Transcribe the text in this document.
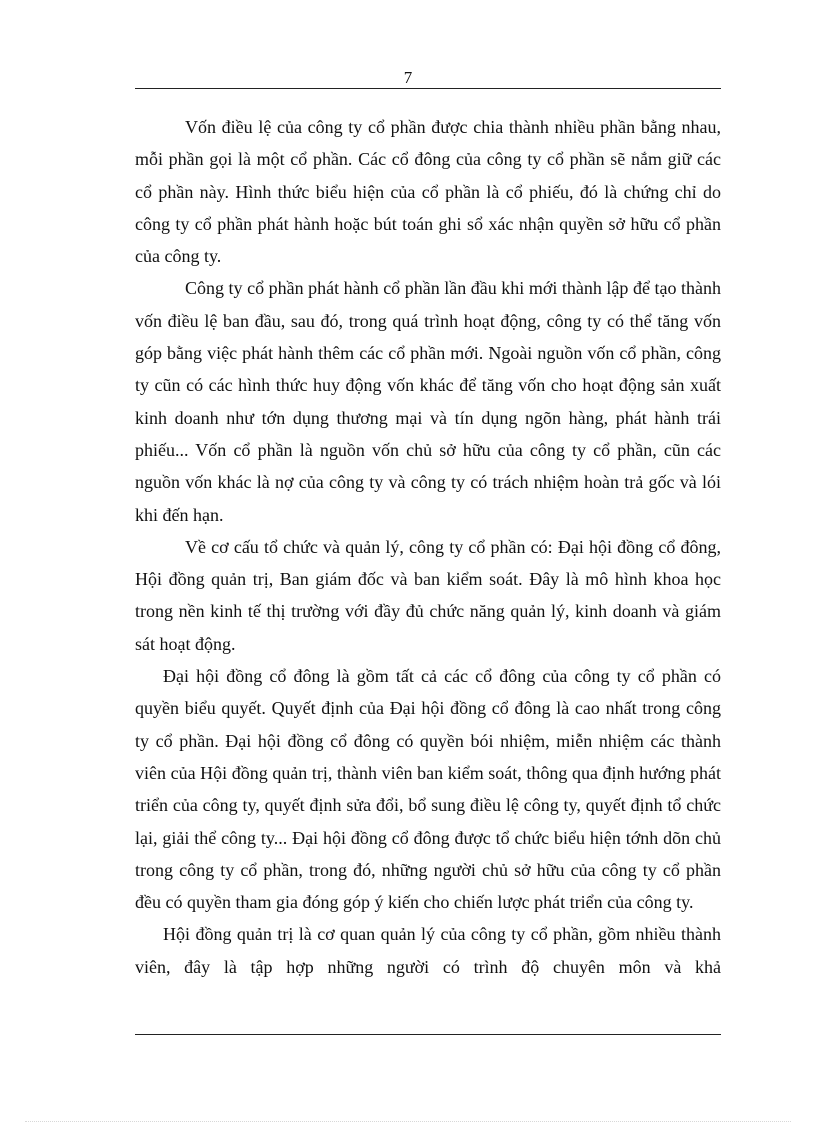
7

Vốn điều lệ của công ty cổ phần được chia thành nhiều phần bằng nhau, mỗi phần gọi là một cổ phần. Các cổ đông của công ty cổ phần sẽ nắm giữ các cổ phần này. Hình thức biểu hiện của cổ phần là cổ phiếu, đó là chứng chỉ do công ty cổ phần phát hành hoặc bút toán ghi sổ xác nhận quyền sở hữu cổ phần của công ty.

Công ty cổ phần phát hành cổ phần lần đầu khi mới thành lập để tạo thành vốn điều lệ ban đầu, sau đó, trong quá trình hoạt động, công ty có thể tăng vốn góp bằng việc phát hành thêm các cổ phần mới. Ngoài nguồn vốn cổ phần, công ty cũn có các hình thức huy động vốn khác để tăng vốn cho hoạt động sản xuất kinh doanh như tớn dụng thương mại và tín dụng ngõn hàng, phát hành trái phiếu... Vốn cổ phần là nguồn vốn chủ sở hữu của công ty cổ phần, cũn các nguồn vốn khác là nợ của công ty và công ty có trách nhiệm hoàn trả gốc và lói khi đến hạn.

Về cơ cấu tổ chức và quản lý, công ty cổ phần có: Đại hội đồng cổ đông, Hội đồng quản trị, Ban giám đốc và ban kiểm soát. Đây là mô hình khoa học trong nền kinh tế thị trường với đầy đủ chức năng quản lý, kinh doanh và giám sát hoạt động.

Đại hội đồng cổ đông là gồm tất cả các cổ đông của công ty cổ phần có quyền biểu quyết. Quyết định của Đại hội đồng cổ đông là cao nhất trong công ty cổ phần. Đại hội đồng cổ đông có quyền bói nhiệm, miễn nhiệm các thành viên của Hội đồng quản trị, thành viên ban kiểm soát, thông qua định hướng phát triển của công ty, quyết định sửa đổi, bổ sung điều lệ công ty, quyết định tổ chức lại, giải thể công ty... Đại hội đồng cổ đông được tổ chức biểu hiện tớnh dõn chủ trong công ty cổ phần, trong đó, những người chủ sở hữu của công ty cổ phần đều có quyền tham gia đóng góp ý kiến cho chiến lược phát triển của công ty.

Hội đồng quản trị là cơ quan quản lý của công ty cổ phần, gồm nhiều thành viên, đây là tập hợp những người có trình độ chuyên môn và khả
